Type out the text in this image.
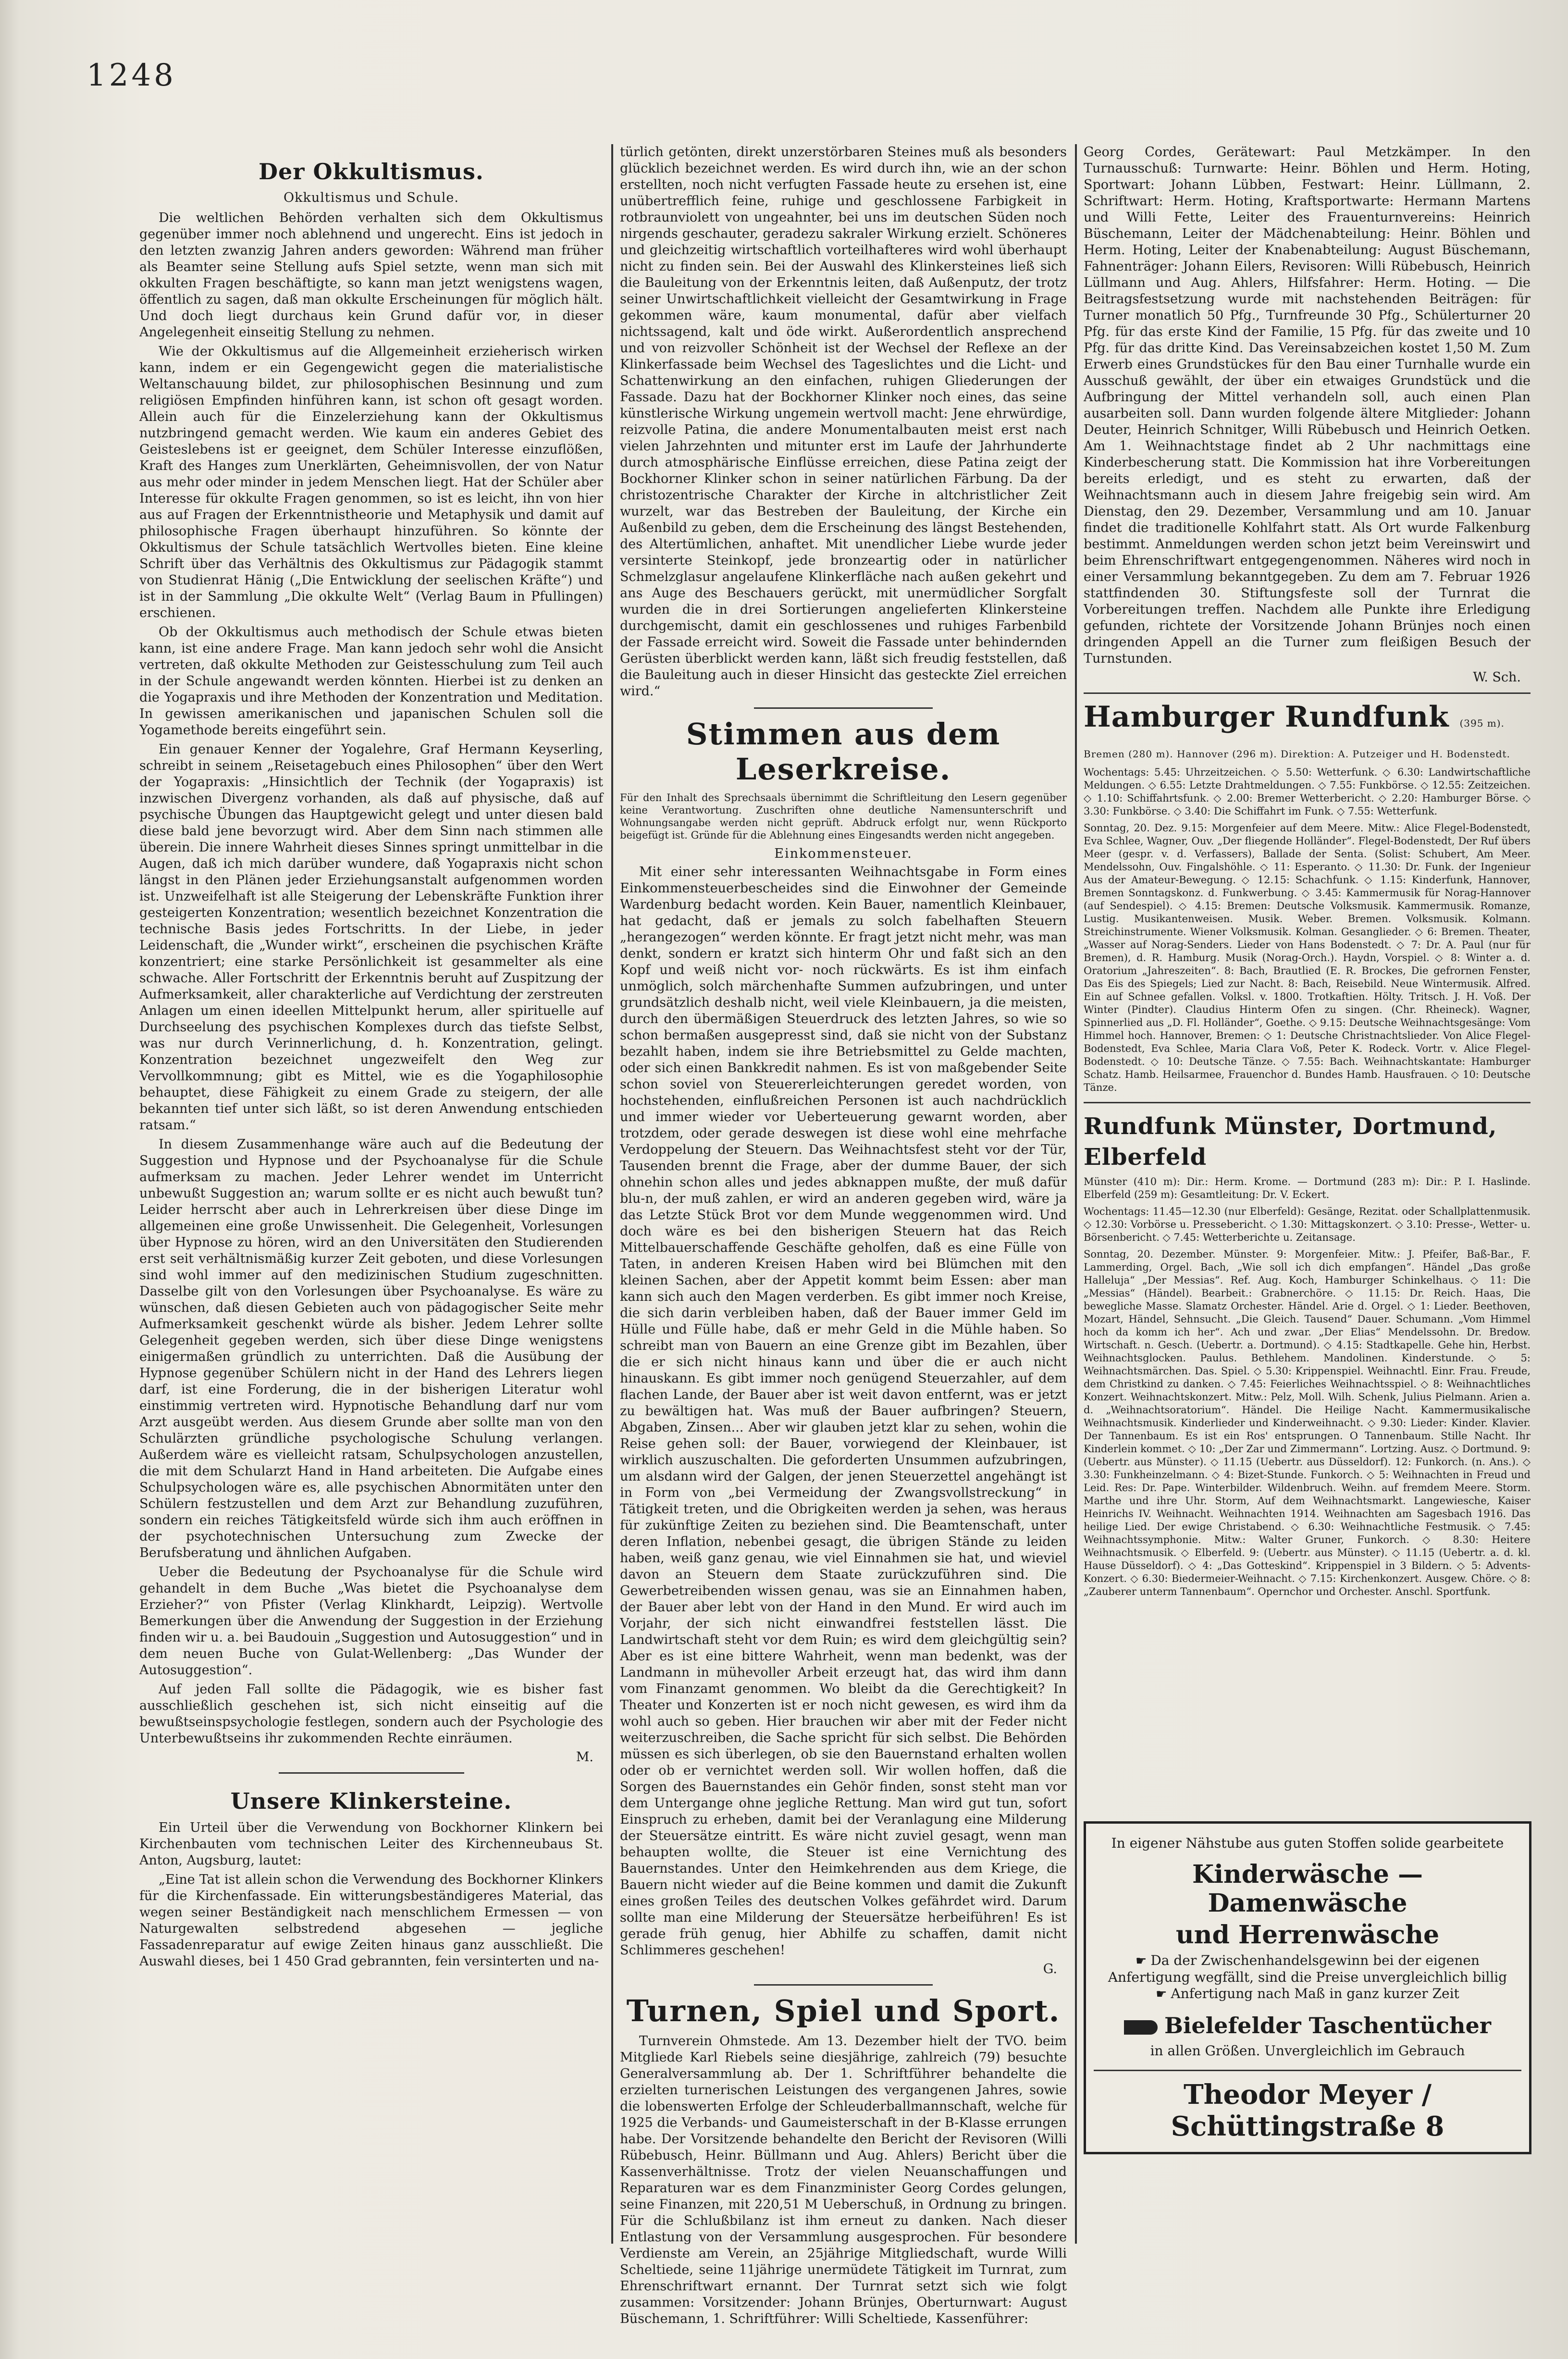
1248
Der Okkultismus.
Okkultismus und Schule.

Die weltlichen Behörden verhalten sich dem Okkultismus gegenüber immer noch ablehnend und ungerecht. Eins ist jedoch in den letzten zwanzig Jahren anders geworden: Während man früher als Beamter seine Stellung aufs Spiel setzte, wenn man sich mit okkulten Fragen beschäftigte, so kann man jetzt wenigstens wagen, öffentlich zu sagen, daß man okkulte Erscheinungen für möglich hält. Und doch liegt durchaus kein Grund dafür vor, in dieser Angelegenheit einseitig Stellung zu nehmen.

Wie der Okkultismus auf die Allgemeinheit erzieherisch wirken kann, indem er ein Gegengewicht gegen die materialistische Weltanschauung bildet, zur philosophischen Besinnung und zum religiösen Empfinden hinführen kann, ist schon oft gesagt worden. Allein auch für die Einzelerziehung kann der Okkultismus nutzbringend gemacht werden. Wie kaum ein anderes Gebiet des Geisteslebens ist er geeignet, dem Schüler Interesse einzuflößen, Kraft des Hanges zum Unerklärten, Geheimnisvollen, der von Natur aus mehr oder minder in jedem Menschen liegt. Hat der Schüler aber Interesse für okkulte Fragen genommen, so ist es leicht, ihn von hier aus auf Fragen der Erkenntnistheorie und Metaphysik und damit auf philosophische Fragen überhaupt hinzuführen. So könnte der Okkultismus der Schule tatsächlich Wertvolles bieten. Eine kleine Schrift über das Verhältnis des Okkultismus zur Pädagogik stammt von Studienrat Hänig („Die Entwicklung der seelischen Kräfte“) und ist in der Sammlung „Die okkulte Welt“ (Verlag Baum in Pfullingen) erschienen.

Ob der Okkultismus auch methodisch der Schule etwas bieten kann, ist eine andere Frage. Man kann jedoch sehr wohl die Ansicht vertreten, daß okkulte Methoden zur Geistesschulung zum Teil auch in der Schule angewandt werden könnten. Hierbei ist zu denken an die Yogapraxis und ihre Methoden der Konzentration und Meditation. In gewissen amerikanischen und japanischen Schulen soll die Yogamethode bereits eingeführt sein.

Ein genauer Kenner der Yogalehre, Graf Hermann Keyserling, schreibt in seinem „Reisetagebuch eines Philosophen“ über den Wert der Yogapraxis: „Hinsichtlich der Technik (der Yogapraxis) ist inzwischen Divergenz vorhanden, als daß auf physische, daß auf psychische Übungen das Hauptgewicht gelegt und unter diesen bald diese bald jene bevorzugt wird. Aber dem Sinn nach stimmen alle überein. Die innere Wahrheit dieses Sinnes springt unmittelbar in die Augen, daß ich mich darüber wundere, daß Yogapraxis nicht schon längst in den Plänen jeder Erziehungsanstalt aufgenommen worden ist. Unzweifelhaft ist alle Steigerung der Lebenskräfte Funktion ihrer gesteigerten Konzentration; wesentlich bezeichnet Konzentration die technische Basis jedes Fortschritts. In der Liebe, in jeder Leidenschaft, die „Wunder wirkt“, erscheinen die psychischen Kräfte konzentriert; eine starke Persönlichkeit ist gesammelter als eine schwache. Aller Fortschritt der Erkenntnis beruht auf Zuspitzung der Aufmerksamkeit, aller charakterliche auf Verdichtung der zerstreuten Anlagen um einen ideellen Mittelpunkt herum, aller spirituelle auf Durchseelung des psychischen Komplexes durch das tiefste Selbst, was nur durch Verinnerlichung, d. h. Konzentration, gelingt. Konzentration bezeichnet ungezweifelt den Weg zur Vervollkommnung; gibt es Mittel, wie es die Yogaphilosophie behauptet, diese Fähigkeit zu einem Grade zu steigern, der alle bekannten tief unter sich läßt, so ist deren Anwendung entschieden ratsam.“

In diesem Zusammenhange wäre auch auf die Bedeutung der Suggestion und Hypnose und der Psychoanalyse für die Schule aufmerksam zu machen. Jeder Lehrer wendet im Unterricht unbewußt Suggestion an; warum sollte er es nicht auch bewußt tun? Leider herrscht aber auch in Lehrerkreisen über diese Dinge im allgemeinen eine große Unwissenheit. Die Gelegenheit, Vorlesungen über Hypnose zu hören, wird an den Universitäten den Studierenden erst seit verhältnismäßig kurzer Zeit geboten, und diese Vorlesungen sind wohl immer auf den medizinischen Studium zugeschnitten. Dasselbe gilt von den Vorlesungen über Psychoanalyse. Es wäre zu wünschen, daß diesen Gebieten auch von pädagogischer Seite mehr Aufmerksamkeit geschenkt würde als bisher. Jedem Lehrer sollte Gelegenheit gegeben werden, sich über diese Dinge wenigstens einigermaßen gründlich zu unterrichten. Daß die Ausübung der Hypnose gegenüber Schülern nicht in der Hand des Lehrers liegen darf, ist eine Forderung, die in der bisherigen Literatur wohl einstimmig vertreten wird. Hypnotische Behandlung darf nur vom Arzt ausgeübt werden. Aus diesem Grunde aber sollte man von den Schulärzten gründliche psychologische Schulung verlangen. Außerdem wäre es vielleicht ratsam, Schulpsychologen anzustellen, die mit dem Schularzt Hand in Hand arbeiteten. Die Aufgabe eines Schulpsychologen wäre es, alle psychischen Abnormitäten unter den Schülern festzustellen und dem Arzt zur Behandlung zuzuführen, sondern ein reiches Tätigkeitsfeld würde sich ihm auch eröffnen in der psychotechnischen Untersuchung zum Zwecke der Berufsberatung und ähnlichen Aufgaben.

Ueber die Bedeutung der Psychoanalyse für die Schule wird gehandelt in dem Buche „Was bietet die Psychoanalyse dem Erzieher?“ von Pfister (Verlag Klinkhardt, Leipzig). Wertvolle Bemerkungen über die Anwendung der Suggestion in der Erziehung finden wir u. a. bei Baudouin „Suggestion und Autosuggestion“ und in dem neuen Buche von Gulat-Wellenberg: „Das Wunder der Autosuggestion“.

Auf jeden Fall sollte die Pädagogik, wie es bisher fast ausschließlich geschehen ist, sich nicht einseitig auf die bewußtseinspsychologie festlegen, sondern auch der Psychologie des Unterbewußtseins ihr zukommenden Rechte einräumen.

M.
Unsere Klinkersteine.

Ein Urteil über die Verwendung von Bockhorner Klinkern bei Kirchenbauten vom technischen Leiter des Kirchenneubaus St. Anton, Augsburg, lautet:

„Eine Tat ist allein schon die Verwendung des Bockhorner Klinkers für die Kirchenfassade. Ein witterungsbeständigeres Material, das wegen seiner Beständigkeit nach menschlichem Ermessen — von Naturgewalten selbstredend abgesehen — jegliche Fassadenreparatur auf ewige Zeiten hinaus ganz ausschließt. Die Auswahl dieses, bei 1 450 Grad gebrannten, fein versinterten und na-

türlich getönten, direkt unzerstörbaren Steines muß als besonders glücklich bezeichnet werden. Es wird durch ihn, wie an der schon erstellten, noch nicht verfugten Fassade heute zu ersehen ist, eine unübertrefflich feine, ruhige und geschlossene Farbigkeit in rotbraunviolett von ungeahnter, bei uns im deutschen Süden noch nirgends geschauter, geradezu sakraler Wirkung erzielt. Schöneres und gleichzeitig wirtschaftlich vorteilhafteres wird wohl überhaupt nicht zu finden sein. Bei der Auswahl des Klinkersteines ließ sich die Bauleitung von der Erkenntnis leiten, daß Außenputz, der trotz seiner Unwirtschaftlichkeit vielleicht der Gesamtwirkung in Frage gekommen wäre, kaum monumental, dafür aber vielfach nichtssagend, kalt und öde wirkt. Außerordentlich ansprechend und von reizvoller Schönheit ist der Wechsel der Reflexe an der Klinkerfassade beim Wechsel des Tageslichtes und die Licht- und Schattenwirkung an den einfachen, ruhigen Gliederungen der Fassade. Dazu hat der Bockhorner Klinker noch eines, das seine künstlerische Wirkung ungemein wertvoll macht: Jene ehrwürdige, reizvolle Patina, die andere Monumentalbauten meist erst nach vielen Jahrzehnten und mitunter erst im Laufe der Jahrhunderte durch atmosphärische Einflüsse erreichen, diese Patina zeigt der Bockhorner Klinker schon in seiner natürlichen Färbung. Da der christozentrische Charakter der Kirche in altchristlicher Zeit wurzelt, war das Bestreben der Bauleitung, der Kirche ein Außenbild zu geben, dem die Erscheinung des längst Bestehenden, des Altertümlichen, anhaftet. Mit unendlicher Liebe wurde jeder versinterte Steinkopf, jede bronzeartig oder in natürlicher Schmelzglasur angelaufene Klinkerfläche nach außen gekehrt und ans Auge des Beschauers gerückt, mit unermüdlicher Sorgfalt wurden die in drei Sortierungen angelieferten Klinkersteine durchgemischt, damit ein geschlossenes und ruhiges Farbenbild der Fassade erreicht wird. Soweit die Fassade unter behindernden Gerüsten überblickt werden kann, läßt sich freudig feststellen, daß die Bauleitung auch in dieser Hinsicht das gesteckte Ziel erreichen wird.“

Stimmen aus dem Leserkreise.

Für den Inhalt des Sprechsaals übernimmt die Schriftleitung den Lesern gegenüber keine Verantwortung. Zuschriften ohne deutliche Namensunterschrift und Wohnungsangabe werden nicht geprüft. Abdruck erfolgt nur, wenn Rückporto beigefügt ist. Gründe für die Ablehnung eines Eingesandts werden nicht angegeben.

Einkommensteuer.

Mit einer sehr interessanten Weihnachtsgabe in Form eines Einkommensteuerbescheides sind die Einwohner der Gemeinde Wardenburg bedacht worden. Kein Bauer, namentlich Kleinbauer, hat gedacht, daß er jemals zu solch fabelhaften Steuern „herangezogen“ werden könnte. Er fragt jetzt nicht mehr, was man denkt, sondern er kratzt sich hinterm Ohr und faßt sich an den Kopf und weiß nicht vor- noch rückwärts. Es ist ihm einfach unmöglich, solch märchenhafte Summen aufzubringen, und unter grundsätzlich deshalb nicht, weil viele Kleinbauern, ja die meisten, durch den übermäßigen Steuerdruck des letzten Jahres, so wie so schon bermaßen ausgepresst sind, daß sie nicht von der Substanz bezahlt haben, indem sie ihre Betriebsmittel zu Gelde machten, oder sich einen Bankkredit nahmen. Es ist von maßgebender Seite schon soviel von Steuererleichterungen geredet worden, von hochstehenden, einflußreichen Personen ist auch nachdrücklich und immer wieder vor Ueberteuerung gewarnt worden, aber trotzdem, oder gerade deswegen ist diese wohl eine mehrfache Verdoppelung der Steuern. Das Weihnachtsfest steht vor der Tür, Tausenden brennt die Frage, aber der dumme Bauer, der sich ohnehin schon alles und jedes abknappen mußte, der muß dafür blu-n, der muß zahlen, er wird an anderen gegeben wird, wäre ja das Letzte Stück Brot vor dem Munde weggenommen wird. Und doch wäre es bei den bisherigen Steuern hat das Reich Mittelbauerschaffende Geschäfte geholfen, daß es eine Fülle von Taten, in anderen Kreisen Haben wird bei Blümchen mit den kleinen Sachen, aber der Appetit kommt beim Essen: aber man kann sich auch den Magen verderben. Es gibt immer noch Kreise, die sich darin verbleiben haben, daß der Bauer immer Geld im Hülle und Fülle habe, daß er mehr Geld in die Mühle haben. So schreibt man von Bauern an eine Grenze gibt im Bezahlen, über die er sich nicht hinaus kann und über die er auch nicht hinauskann. Es gibt immer noch genügend Steuerzahler, auf dem flachen Lande, der Bauer aber ist weit davon entfernt, was er jetzt zu bewältigen hat. Was muß der Bauer aufbringen? Steuern, Abgaben, Zinsen... Aber wir glauben jetzt klar zu sehen, wohin die Reise gehen soll: der Bauer, vorwiegend der Kleinbauer, ist wirklich auszuschalten. Die geforderten Unsummen aufzubringen, um alsdann wird der Galgen, der jenen Steuerzettel angehängt ist in Form von „bei Vermeidung der Zwangsvollstreckung“ in Tätigkeit treten, und die Obrigkeiten werden ja sehen, was heraus für zukünftige Zeiten zu beziehen sind. Die Beamtenschaft, unter deren Inflation, nebenbei gesagt, die übrigen Stände zu leiden haben, weiß ganz genau, wie viel Einnahmen sie hat, und wieviel davon an Steuern dem Staate zurückzuführen sind. Die Gewerbetreibenden wissen genau, was sie an Einnahmen haben, der Bauer aber lebt von der Hand in den Mund. Er wird auch im Vorjahr, der sich nicht einwandfrei feststellen lässt. Die Landwirtschaft steht vor dem Ruin; es wird dem gleichgültig sein? Aber es ist eine bittere Wahrheit, wenn man bedenkt, was der Landmann in mühevoller Arbeit erzeugt hat, das wird ihm dann vom Finanzamt genommen. Wo bleibt da die Gerechtigkeit? In Theater und Konzerten ist er noch nicht gewesen, es wird ihm da wohl auch so geben. Hier brauchen wir aber mit der Feder nicht weiterzuschreiben, die Sache spricht für sich selbst. Die Behörden müssen es sich überlegen, ob sie den Bauernstand erhalten wollen oder ob er vernichtet werden soll. Wir wollen hoffen, daß die Sorgen des Bauernstandes ein Gehör finden, sonst steht man vor dem Untergange ohne jegliche Rettung. Man wird gut tun, sofort Einspruch zu erheben, damit bei der Veranlagung eine Milderung der Steuersätze eintritt. Es wäre nicht zuviel gesagt, wenn man behaupten wollte, die Steuer ist eine Vernichtung des Bauernstandes. Unter den Heimkehrenden aus dem Kriege, die Bauern nicht wieder auf die Beine kommen und damit die Zukunft eines großen Teiles des deutschen Volkes gefährdet wird. Darum sollte man eine Milderung der Steuersätze herbeiführen! Es ist gerade früh genug, hier Abhilfe zu schaffen, damit nicht Schlimmeres geschehen!

G.
Turnen, Spiel und Sport.

Turnverein Ohmstede. Am 13. Dezember hielt der TVO. beim Mitgliede Karl Riebels seine diesjährige, zahlreich (79) besuchte Generalversammlung ab. Der 1. Schriftführer behandelte die erzielten turnerischen Leistungen des vergangenen Jahres, sowie die lobenswerten Erfolge der Schleuderballmannschaft, welche für 1925 die Verbands- und Gaumeisterschaft in der B-Klasse errungen habe. Der Vorsitzende behandelte den Bericht der Revisoren (Willi Rübebusch, Heinr. Büllmann und Aug. Ahlers) Bericht über die Kassenverhältnisse. Trotz der vielen Neuanschaffungen und Reparaturen war es dem Finanzminister Georg Cordes gelungen, seine Finanzen, mit 220,51 M Ueberschuß, in Ordnung zu bringen. Für die Schlußbilanz ist ihm erneut zu danken. Nach dieser Entlastung von der Versammlung ausgesprochen. Für besondere Verdienste am Verein, an 25jährige Mitgliedschaft, wurde Willi Scheltiede, seine 11jährige unermüdete Tätigkeit im Turnrat, zum Ehrenschriftwart ernannt. Der Turnrat setzt sich wie folgt zusammen: Vorsitzender: Johann Brünjes, Oberturnwart: August Büschemann, 1. Schriftführer: Willi Scheltiede, Kassenführer:

Georg Cordes, Gerätewart: Paul Metzkämper. In den Turnausschuß: Turnwarte: Heinr. Böhlen und Herm. Hoting, Sportwart: Johann Lübben, Festwart: Heinr. Lüllmann, 2. Schriftwart: Herm. Hoting, Kraftsportwarte: Hermann Martens und Willi Fette, Leiter des Frauenturnvereins: Heinrich Büschemann, Leiter der Mädchenabteilung: Heinr. Böhlen und Herm. Hoting, Leiter der Knabenabteilung: August Büschemann, Fahnenträger: Johann Eilers, Revisoren: Willi Rübebusch, Heinrich Lüllmann und Aug. Ahlers, Hilfsfahrer: Herm. Hoting. — Die Beitragsfestsetzung wurde mit nachstehenden Beiträgen: für Turner monatlich 50 Pfg., Turnfreunde 30 Pfg., Schülerturner 20 Pfg. für das erste Kind der Familie, 15 Pfg. für das zweite und 10 Pfg. für das dritte Kind. Das Vereinsabzeichen kostet 1,50 M. Zum Erwerb eines Grundstückes für den Bau einer Turnhalle wurde ein Ausschuß gewählt, der über ein etwaiges Grundstück und die Aufbringung der Mittel verhandeln soll, auch einen Plan ausarbeiten soll. Dann wurden folgende ältere Mitglieder: Johann Deuter, Heinrich Schnitger, Willi Rübebusch und Heinrich Oetken. Am 1. Weihnachtstage findet ab 2 Uhr nachmittags eine Kinderbescherung statt. Die Kommission hat ihre Vorbereitungen bereits erledigt, und es steht zu erwarten, daß der Weihnachtsmann auch in diesem Jahre freigebig sein wird. Am Dienstag, den 29. Dezember, Versammlung und am 10. Januar findet die traditionelle Kohlfahrt statt. Als Ort wurde Falkenburg bestimmt. Anmeldungen werden schon jetzt beim Vereinswirt und beim Ehrenschriftwart entgegengenommen. Näheres wird noch in einer Versammlung bekanntgegeben. Zu dem am 7. Februar 1926 stattfindenden 30. Stiftungsfeste soll der Turnrat die Vorbereitungen treffen. Nachdem alle Punkte ihre Erledigung gefunden, richtete der Vorsitzende Johann Brünjes noch einen dringenden Appell an die Turner zum fleißigen Besuch der Turnstunden.

W. Sch.
Hamburger Rundfunk (395 m). Bremen (280 m). Hannover (296 m). Direktion: A. Putzeiger und H. Bodenstedt.

Wochentags: 5.45: Uhrzeitzeichen. ◇ 5.50: Wetterfunk. ◇ 6.30: Landwirtschaftliche Meldungen. ◇ 6.55: Letzte Drahtmeldungen. ◇ 7.55: Funkbörse. ◇ 12.55: Zeitzeichen. ◇ 1.10: Schiffahrtsfunk. ◇ 2.00: Bremer Wetterbericht. ◇ 2.20: Hamburger Börse. ◇ 3.30: Funkbörse. ◇ 3.40: Die Schiffahrt im Funk. ◇ 7.55: Wetterfunk.

Sonntag, 20. Dez. 9.15: Morgenfeier auf dem Meere. Mitw.: Alice Flegel-Bodenstedt, Eva Schlee, Wagner, Ouv. „Der fliegende Holländer“. Flegel-Bodenstedt, Der Ruf übers Meer (gespr. v. d. Verfassers), Ballade der Senta. (Solist: Schubert, Am Meer. Mendelssohn, Ouv. Fingalshöhle. ◇ 11: Esperanto. ◇ 11.30: Dr. Funk. der Ingenieur Aus der Amateur-Bewegung. ◇ 12.15: Schachfunk. ◇ 1.15: Kinderfunk, Hannover, Bremen Sonntagskonz. d. Funkwerbung. ◇ 3.45: Kammermusik für Norag-Hannover (auf Sendespiel). ◇ 4.15: Bremen: Deutsche Volksmusik. Kammermusik. Romanze, Lustig. Musikantenweisen. Musik. Weber. Bremen. Volksmusik. Kolmann. Streichinstrumente. Wiener Volksmusik. Kolman. Gesanglieder. ◇ 6: Bremen. Theater, „Wasser auf Norag-Senders. Lieder von Hans Bodenstedt. ◇ 7: Dr. A. Paul (nur für Bremen), d. R. Hamburg. Musik (Norag-Orch.). Haydn, Vorspiel. ◇ 8: Winter a. d. Oratorium „Jahreszeiten“. 8: Bach, Brautlied (E. R. Brockes, Die gefrornen Fenster, Das Eis des Spiegels; Lied zur Nacht. 8: Bach, Reisebild. Neue Wintermusik. Alfred. Ein auf Schnee gefallen. Volksl. v. 1800. Trotkaftien. Hölty. Tritsch. J. H. Voß. Der Winter (Pindter). Claudius Hinterm Ofen zu singen. (Chr. Rheineck). Wagner, Spinnerlied aus „D. Fl. Holländer“, Goethe. ◇ 9.15: Deutsche Weihnachtsgesänge: Vom Himmel hoch. Hannover, Bremen: ◇ 1: Deutsche Christnachtslieder. Von Alice Flegel-Bodenstedt, Eva Schlee, Maria Clara Voß, Peter K. Rodeck. Vortr. v. Alice Flegel-Bodenstedt. ◇ 10: Deutsche Tänze. ◇ 7.55: Bach. Weihnachtskantate: Hamburger Schatz. Hamb. Heilsarmee, Frauenchor d. Bundes Hamb. Hausfrauen. ◇ 10: Deutsche Tänze.

Rundfunk Münster, Dortmund, Elberfeld

Münster (410 m): Dir.: Herm. Krome. — Dortmund (283 m): Dir.: P. I. Haslinde. Elberfeld (259 m): Gesamtleitung: Dr. V. Eckert.

Wochentags: 11.45—12.30 (nur Elberfeld): Gesänge, Rezitat. oder Schallplattenmusik. ◇ 12.30: Vorbörse u. Pressebericht. ◇ 1.30: Mittagskonzert. ◇ 3.10: Presse-, Wetter- u. Börsenbericht. ◇ 7.45: Wetterberichte u. Zeitansage.

Sonntag, 20. Dezember. Münster. 9: Morgenfeier. Mitw.: J. Pfeifer, Baß-Bar., F. Lammerding, Orgel. Bach, „Wie soll ich dich empfangen“. Händel „Das große Halleluja“ „Der Messias“. Ref. Aug. Koch, Hamburger Schinkelhaus. ◇ 11: Die „Messias“ (Händel). Bearbeit.: Grabnerchöre. ◇ 11.15: Dr. Reich. Haas, Die bewegliche Masse. Slamatz Orchester. Händel. Arie d. Orgel. ◇ 1: Lieder. Beethoven, Mozart, Händel, Sehnsucht. „Die Gleich. Tausend“ Dauer. Schumann. „Vom Himmel hoch da komm ich her“. Ach und zwar. „Der Elias“ Mendelssohn. Dr. Bredow. Wirtschaft. n. Gesch. (Uebertr. a. Dortmund). ◇ 4.15: Stadtkapelle. Gehe hin, Herbst. Weihnachtsglocken. Paulus. Bethlehem. Mandolinen. Kinderstunde. ◇ 5: Weihnachtsmärchen. Das. Spiel. ◇ 5.30: Krippenspiel. Weihnachtl. Einr. Frau. Freude, dem Christkind zu danken. ◇ 7.45: Feierliches Weihnachtsspiel. ◇ 8: Weihnachtliches Konzert. Weihnachtskonzert. Mitw.: Pelz, Moll. Wilh. Schenk, Julius Pielmann. Arien a. d. „Weihnachtsoratorium“. Händel. Die Heilige Nacht. Kammermusikalische Weihnachtsmusik. Kinderlieder und Kinderweihnacht. ◇ 9.30: Lieder: Kinder. Klavier. Der Tannenbaum. Es ist ein Ros' entsprungen. O Tannenbaum. Stille Nacht. Ihr Kinderlein kommet. ◇ 10: „Der Zar und Zimmermann“. Lortzing. Ausz. ◇ Dortmund. 9: (Uebertr. aus Münster). ◇ 11.15 (Uebertr. aus Düsseldorf). 12: Funkorch. (n. Ans.). ◇ 3.30: Funkheinzelmann. ◇ 4: Bizet-Stunde. Funkorch. ◇ 5: Weihnachten in Freud und Leid. Res: Dr. Pape. Winterbilder. Wildenbruch. Weihn. auf fremdem Meere. Storm. Marthe und ihre Uhr. Storm, Auf dem Weihnachtsmarkt. Langewiesche, Kaiser Heinrichs IV. Weihnacht. Weihnachten 1914. Weihnachten am Sagesbach 1916. Das heilige Lied. Der ewige Christabend. ◇ 6.30: Weihnachtliche Festmusik. ◇ 7.45: Weihnachtssymphonie. Mitw.: Walter Gruner, Funkorch. ◇ 8.30: Heitere Weihnachtsmusik. ◇ Elberfeld. 9: (Uebertr. aus Münster). ◇ 11.15 (Uebertr. a. d. kl. Hause Düsseldorf). ◇ 4: „Das Gotteskind“. Krippenspiel in 3 Bildern. ◇ 5: Advents-Konzert. ◇ 6.30: Biedermeier-Weihnacht. ◇ 7.15: Kirchenkonzert. Ausgew. Chöre. ◇ 8: „Zauberer unterm Tannenbaum“. Opernchor und Orchester. Anschl. Sportfunk.

In eigener Nähstube aus guten Stoffen solide gearbeitete
Kinderwäsche — Damenwäsche
und Herrenwäsche
☛ Da der Zwischenhandelsgewinn bei der eigenen Anfertigung wegfällt, sind die Preise unvergleichlich billig
☛ Anfertigung nach Maß in ganz kurzer Zeit
Bielefelder Taschentücher
in allen Größen. Unvergleichlich im Gebrauch
Theodor Meyer / Schüttingstraße 8
